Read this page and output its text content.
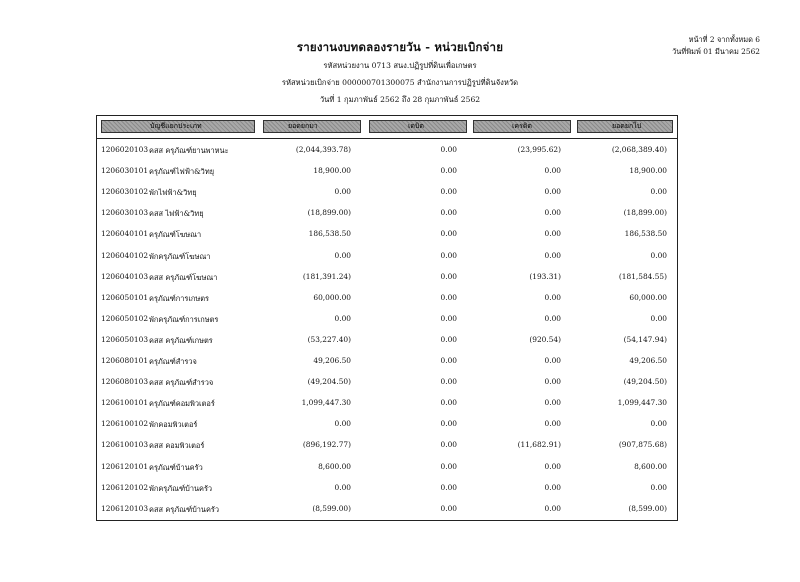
รายงานงบทดลองรายวัน - หน่วยเบิกจ่าย
รหัสหน่วยงาน 0713 สนง.ปฏิรูปที่ดินเพื่อเกษตร
รหัสหน่วยเบิกจ่าย 000000701300075 สำนักงานการปฏิรูปที่ดินจังหวัด
วันที่ 1 กุมภาพันธ์ 2562 ถึง 28 กุมภาพันธ์ 2562
หน้าที่ 2 จากทั้งหมด 6
วันที่พิมพ์ 01 มีนาคม 2562
บัญชีแยกประเภท	ยอดยกมา	เดบิต	เครดิต	ยอดยกไป
1206020103 คสส ครุภัณฑ์ยานพาหนะ	(2,044,393.78)	0.00	(23,995.62)	(2,068,389.40)
1206030101 ครุภัณฑ์ไฟฟ้า&วิทยุ	18,900.00	0.00	0.00	18,900.00
1206030102 พักไฟฟ้า&วิทยุ	0.00	0.00	0.00	0.00
1206030103 คสส ไฟฟ้า&วิทยุ	(18,899.00)	0.00	0.00	(18,899.00)
1206040101 ครุภัณฑ์โฆษณา	186,538.50	0.00	0.00	186,538.50
1206040102 พักครุภัณฑ์โฆษณา	0.00	0.00	0.00	0.00
1206040103 คสส ครุภัณฑ์โฆษณา	(181,391.24)	0.00	(193.31)	(181,584.55)
1206050101 ครุภัณฑ์การเกษตร	60,000.00	0.00	0.00	60,000.00
1206050102 พักครุภัณฑ์การเกษตร	0.00	0.00	0.00	0.00
1206050103 คสส ครุภัณฑ์เกษตร	(53,227.40)	0.00	(920.54)	(54,147.94)
1206080101 ครุภัณฑ์สำรวจ	49,206.50	0.00	0.00	49,206.50
1206080103 คสส ครุภัณฑ์สำรวจ	(49,204.50)	0.00	0.00	(49,204.50)
1206100101 ครุภัณฑ์คอมพิวเตอร์	1,099,447.30	0.00	0.00	1,099,447.30
1206100102 พักคอมพิวเตอร์	0.00	0.00	0.00	0.00
1206100103 คสส คอมพิวเตอร์	(896,192.77)	0.00	(11,682.91)	(907,875.68)
1206120101 ครุภัณฑ์บ้านครัว	8,600.00	0.00	0.00	8,600.00
1206120102 พักครุภัณฑ์บ้านครัว	0.00	0.00	0.00	0.00
1206120103 คสส ครุภัณฑ์บ้านครัว	(8,599.00)	0.00	0.00	(8,599.00)
